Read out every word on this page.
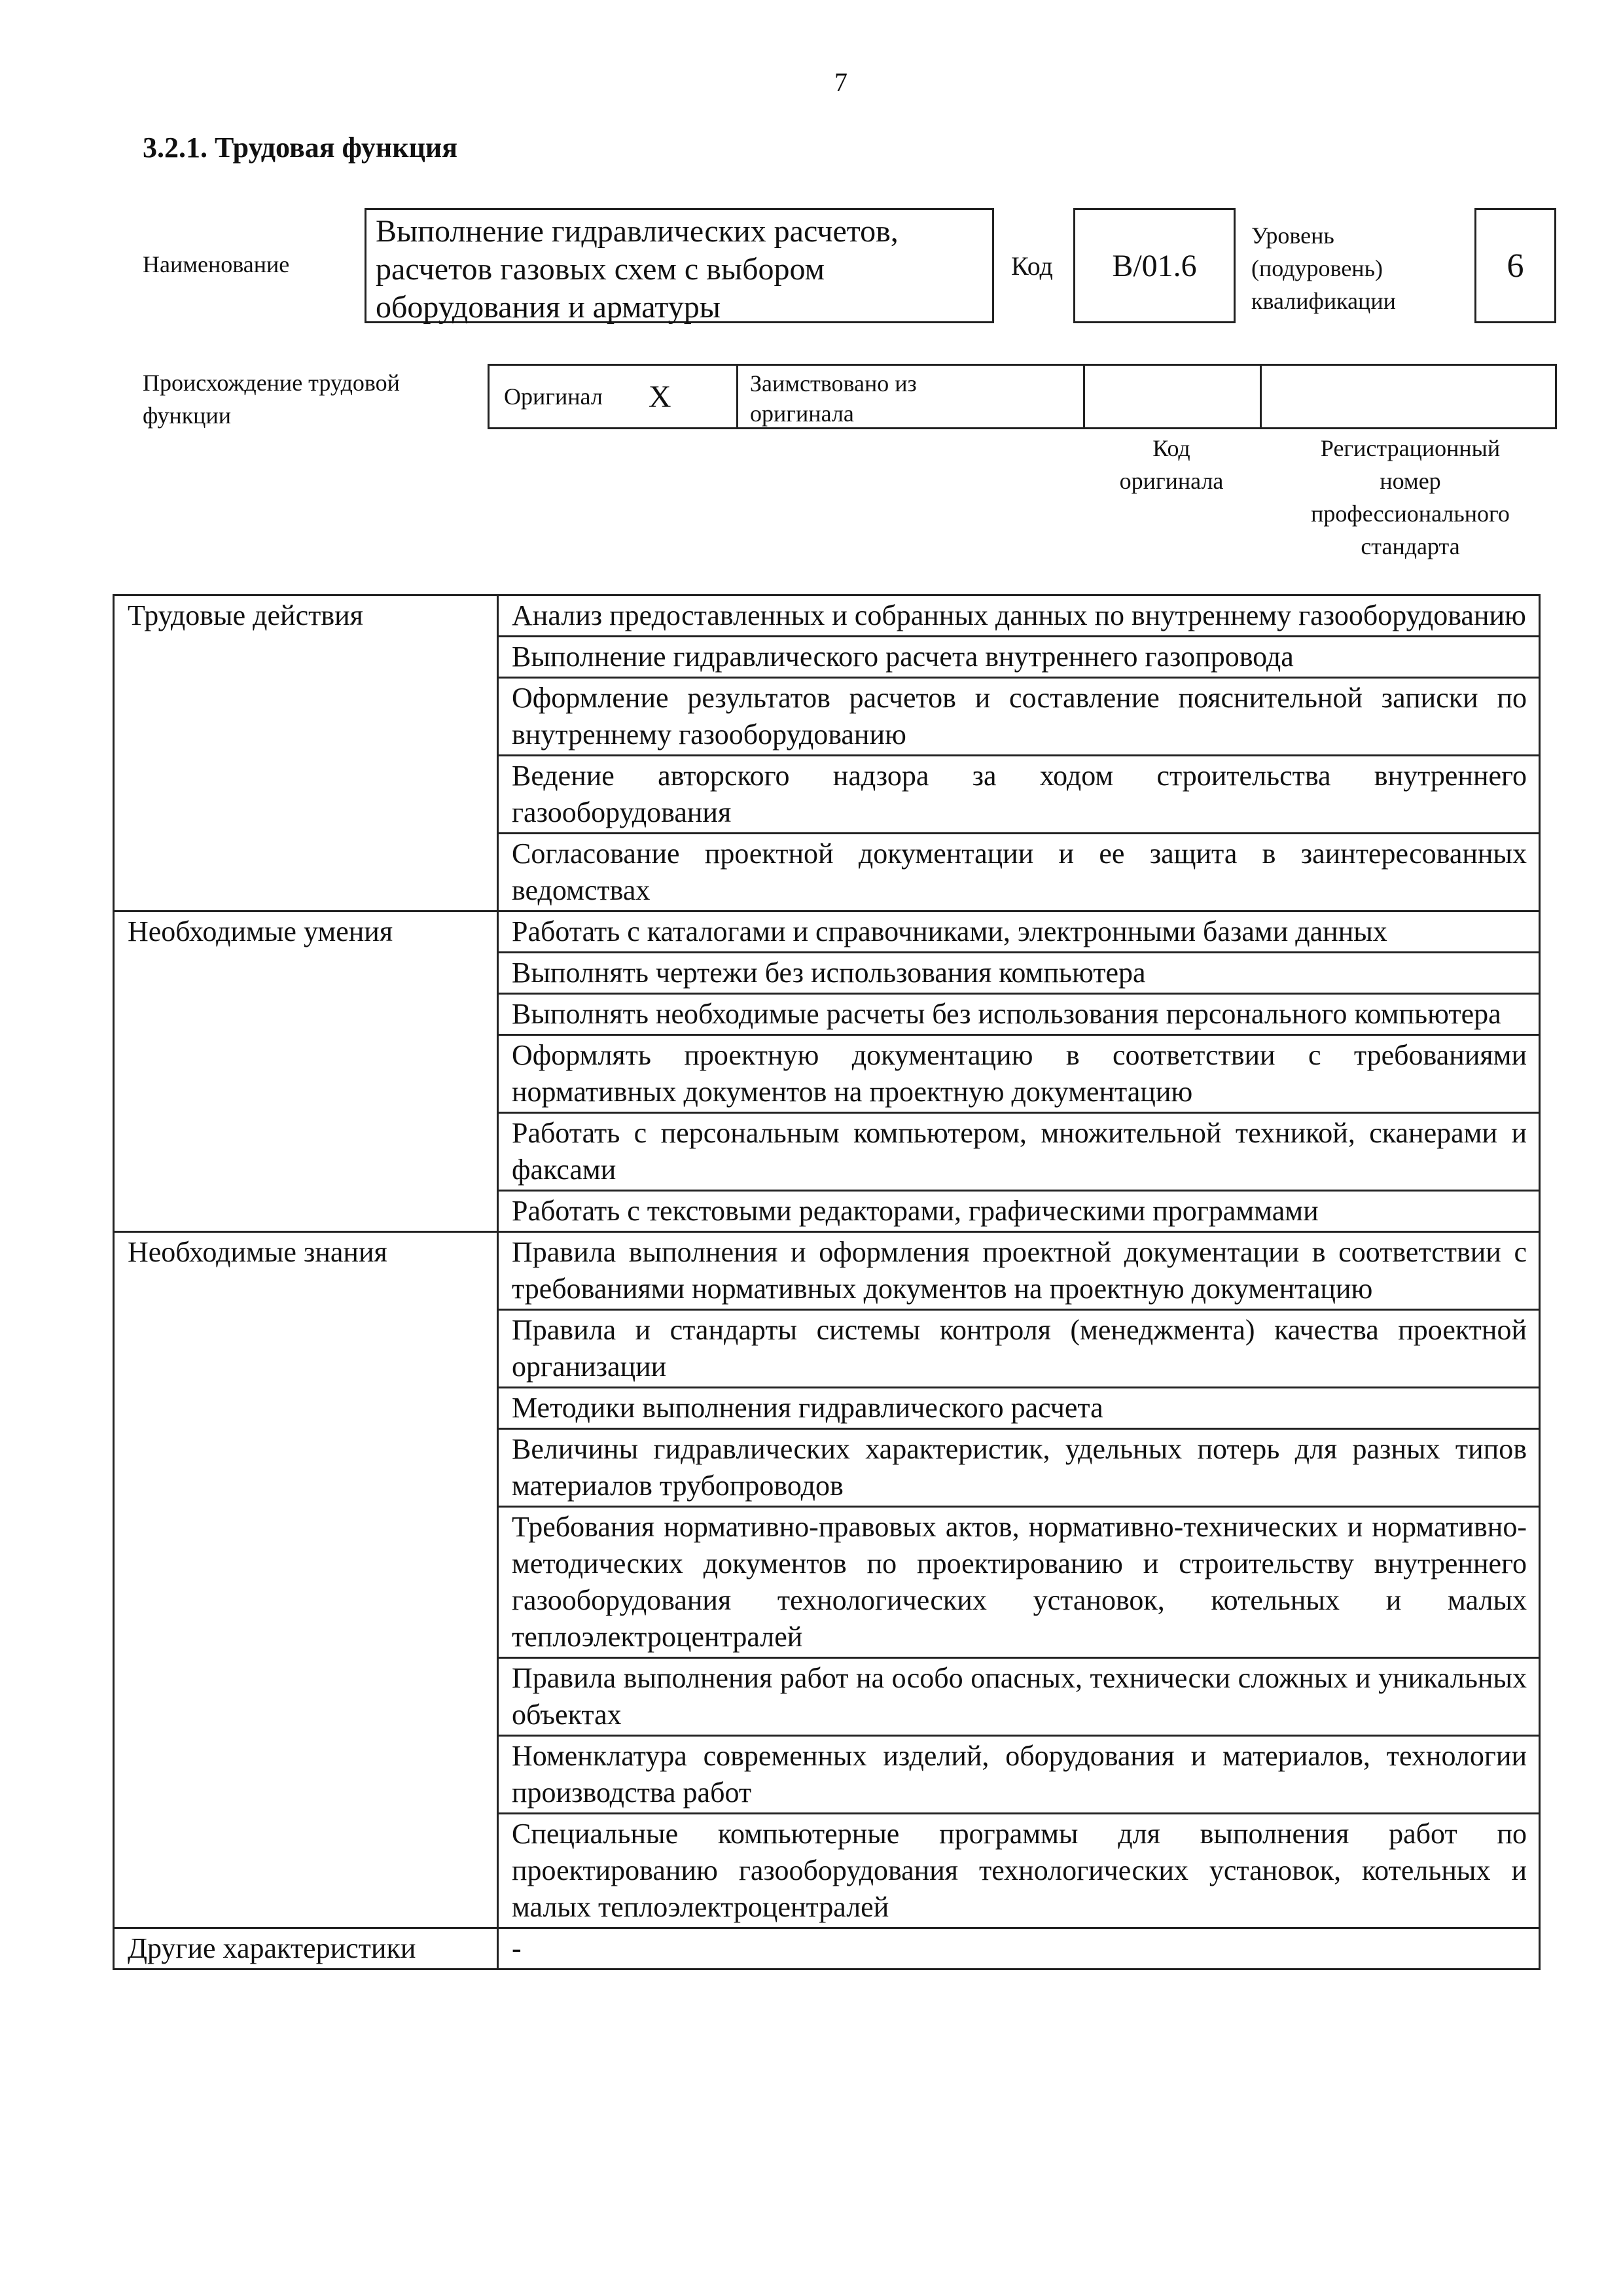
7
3.2.1. Трудовая функция
Наименование
Выполнение гидравлических расчетов,
расчетов газовых схем с выбором
оборудования и арматуры
Код B/01.6
Уровень
(подуровень)
квалификации
6
Происхождение трудовой
функции
Оригинал X	Заимствовано из
оригинала
Код
оригинала
Регистрационный
номер
профессионального
стандарта
Трудовые действия	Анализ предоставленных и собранных данных по внутреннему газооборудованию
	Выполнение гидравлического расчета внутреннего газопровода
	Оформление результатов расчетов и составление пояснительной записки по внутреннему газооборудованию
	Ведение авторского надзора за ходом строительства внутреннего газооборудования
	Согласование проектной документации и ее защита в заинтересованных ведомствах
Необходимые умения	Работать с каталогами и справочниками, электронными базами данных
	Выполнять чертежи без использования компьютера
	Выполнять необходимые расчеты без использования персонального компьютера
	Оформлять проектную документацию в соответствии с требованиями нормативных документов на проектную документацию
	Работать с персональным компьютером, множительной техникой, сканерами и факсами
	Работать с текстовыми редакторами, графическими программами
Необходимые знания	Правила выполнения и оформления проектной документации в соответствии с требованиями нормативных документов на проектную документацию
	Правила и стандарты системы контроля (менеджмента) качества проектной организации
	Методики выполнения гидравлического расчета
	Величины гидравлических характеристик, удельных потерь для разных типов материалов трубопроводов
	Требования нормативно-правовых актов, нормативно-технических и нормативно-методических документов по проектированию и строительству внутреннего газооборудования технологических установок, котельных и малых теплоэлектроцентралей
	Правила выполнения работ на особо опасных, технически сложных и уникальных объектах
	Номенклатура современных изделий, оборудования и материалов, технологии производства работ
	Специальные компьютерные программы для выполнения работ по проектированию газооборудования технологических установок, котельных и малых теплоэлектроцентралей
Другие характеристики	-
